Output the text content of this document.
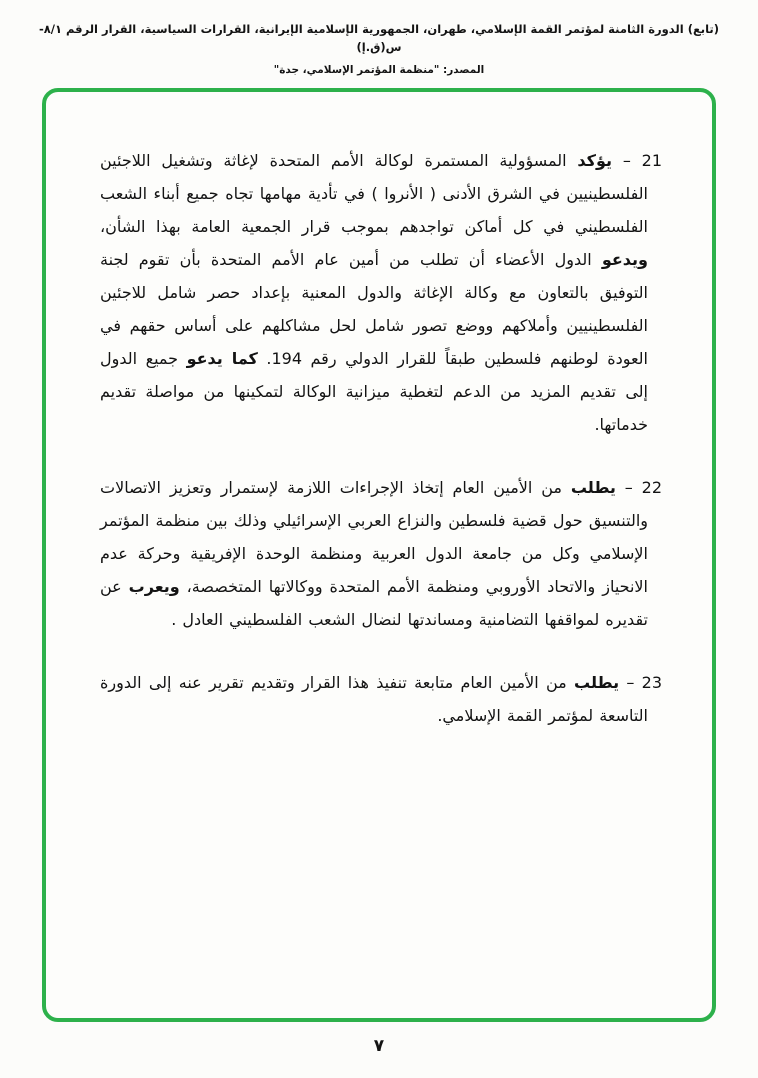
(تابع) الدورة الثامنة لمؤتمر القمة الإسلامي، طهران، الجمهورية الإسلامية الإيرانية، القرارات السياسية، القرار الرقم ٨/١-س(ق.إ)
المصدر: "منظمة المؤتمر الإسلامي، جدة"
21 – يؤكد المسؤولية المستمرة لوكالة الأمم المتحدة لإغاثة وتشغيل اللاجئين الفلسطينيين في الشرق الأدنى ( الأنروا ) في تأدية مهامها تجاه جميع أبناء الشعب الفلسطيني في كل أماكن تواجدهم بموجب قرار الجمعية العامة بهذا الشأن، ويدعو الدول الأعضاء أن تطلب من أمين عام الأمم المتحدة بأن تقوم لجنة التوفيق بالتعاون مع وكالة الإغاثة والدول المعنية بإعداد حصر شامل للاجئين الفلسطينيين وأملاكهم ووضع تصور شامل لحل مشاكلهم على أساس حقهم في العودة لوطنهم فلسطين طبقاً للقرار الدولي رقم 194. كما يدعو جميع الدول إلى تقديم المزيد من الدعم لتغطية ميزانية الوكالة لتمكينها من مواصلة تقديم خدماتها.
22 – يطلب من الأمين العام إتخاذ الإجراءات اللازمة لإستمرار وتعزيز الاتصالات والتنسيق حول قضية فلسطين والنزاع العربي الإسرائيلي وذلك بين منظمة المؤتمر الإسلامي وكل من جامعة الدول العربية ومنظمة الوحدة الإفريقية وحركة عدم الانحياز والاتحاد الأوروبي ومنظمة الأمم المتحدة ووكالاتها المتخصصة، ويعرب عن تقديره لمواقفها التضامنية ومساندتها لنضال الشعب الفلسطيني العادل .
23 – يطلب من الأمين العام متابعة تنفيذ هذا القرار وتقديم تقرير عنه إلى الدورة التاسعة لمؤتمر القمة الإسلامي.
٧
